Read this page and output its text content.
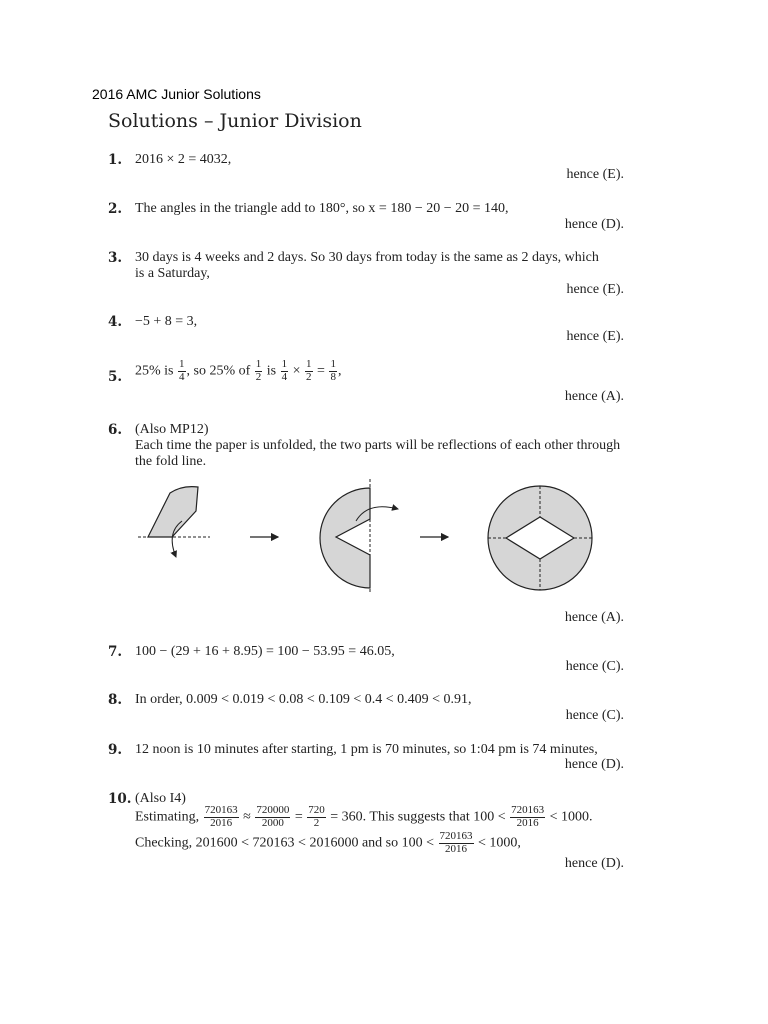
2016 AMC Junior Solutions
Solutions – Junior Division
1. 2016 × 2 = 4032,
hence (E).
2. The angles in the triangle add to 180°, so x = 180 − 20 − 20 = 140,
hence (D).
3. 30 days is 4 weeks and 2 days. So 30 days from today is the same as 2 days, which
is a Saturday,
hence (E).
4. −5 + 8 = 3,
hence (E).
5. 25% is $\frac{1}{4}$ , so 25% of $\frac{1}{2}$ is $\frac{1}{4} \times \frac{1}{2} = \frac{1}{8}$ ,
hence (A).
6. (Also MP12)
Each time the paper is unfolded, the two parts will be reflections of each other through
the fold line.
hence (A).
7. 100 − (29 + 16 + 8.95) = 100 − 53.95 = 46.05,
hence (C).
8. In order, 0.009 < 0.019 < 0.08 < 0.109 < 0.4 < 0.409 < 0.91,
hence (C).
9. 12 noon is 10 minutes after starting, 1 pm is 70 minutes, so 1:04 pm is 74 minutes,
hence (D).
10. (Also I4)
Estimating, $\frac{720163}{2016} \approx \frac{720000}{2000} = \frac{720}{2} = 360$. This suggests that $100 < \frac{720163}{2016} < 1000$.
Checking, 201600 < 720163 < 2016000 and so $100 < \frac{720163}{2016} < 1000$,
hence (D).
